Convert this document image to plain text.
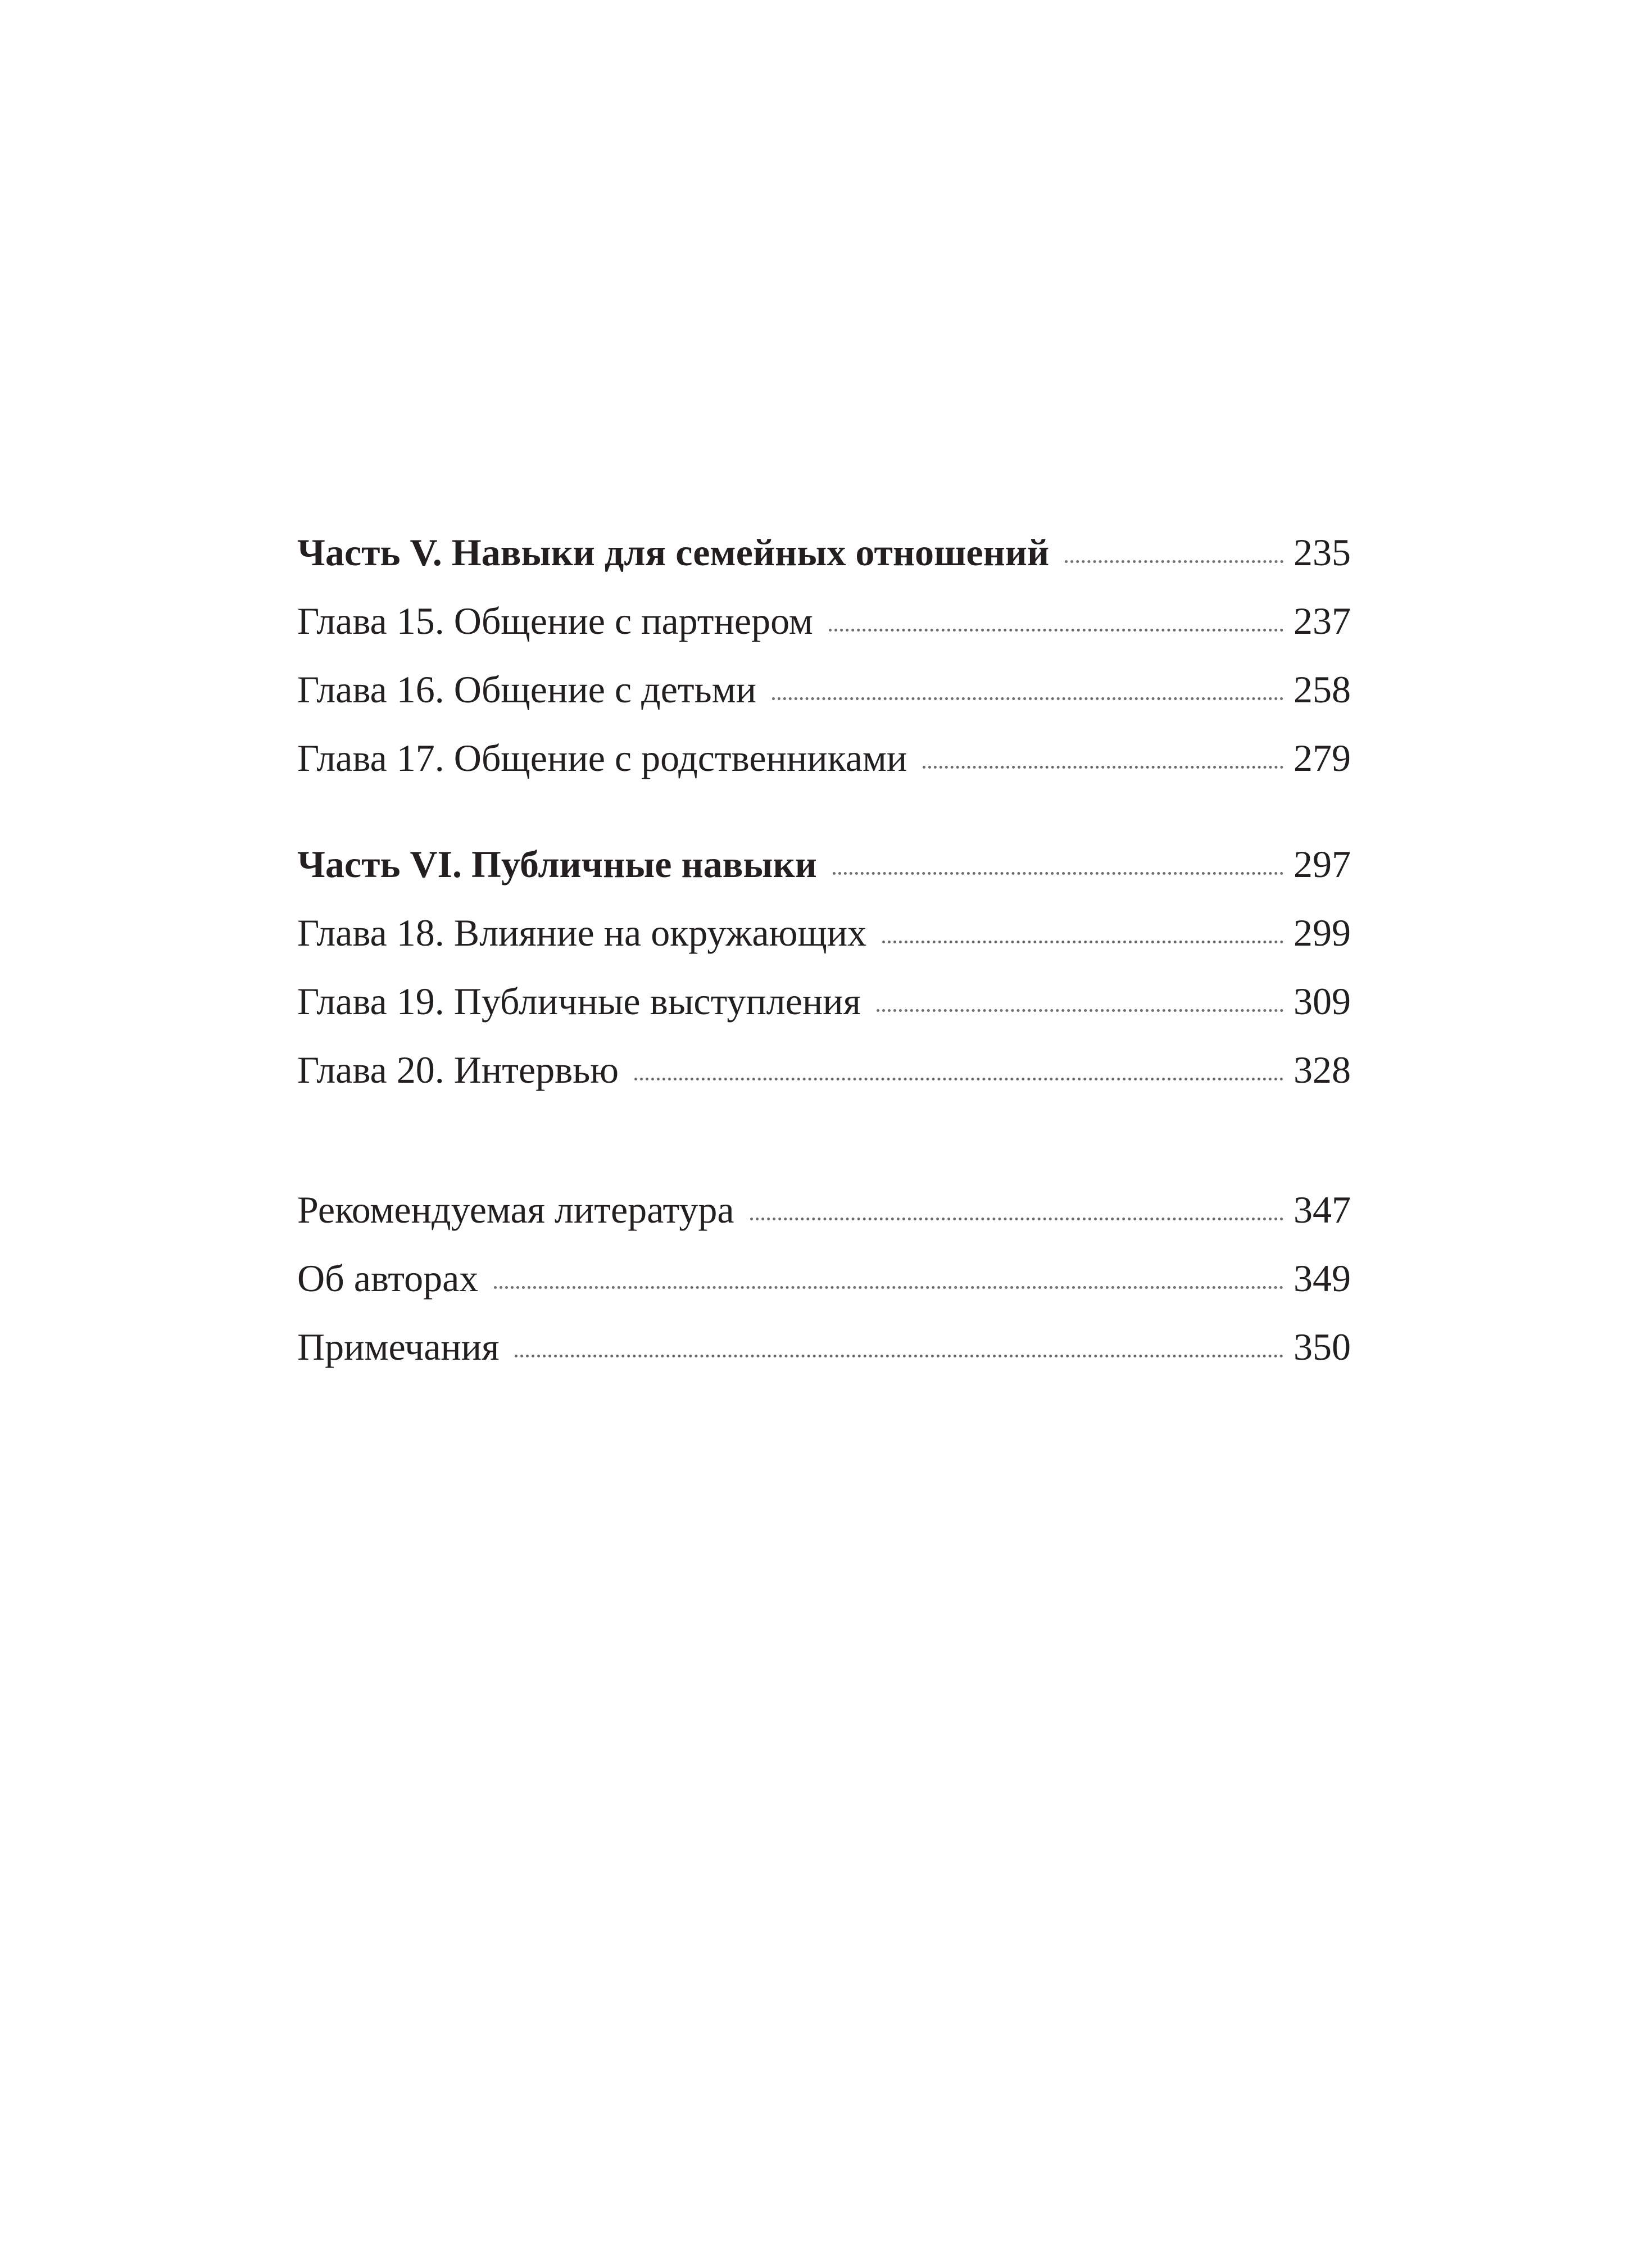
Часть V. Навыки для семейных отношений	235
Глава 15. Общение с партнером	237
Глава 16. Общение с детьми	258
Глава 17. Общение с родственниками	279
Часть VI. Публичные навыки	297
Глава 18. Влияние на окружающих	299
Глава 19. Публичные выступления	309
Глава 20. Интервью	328
Рекомендуемая литература	347
Об авторах	349
Примечания	350
